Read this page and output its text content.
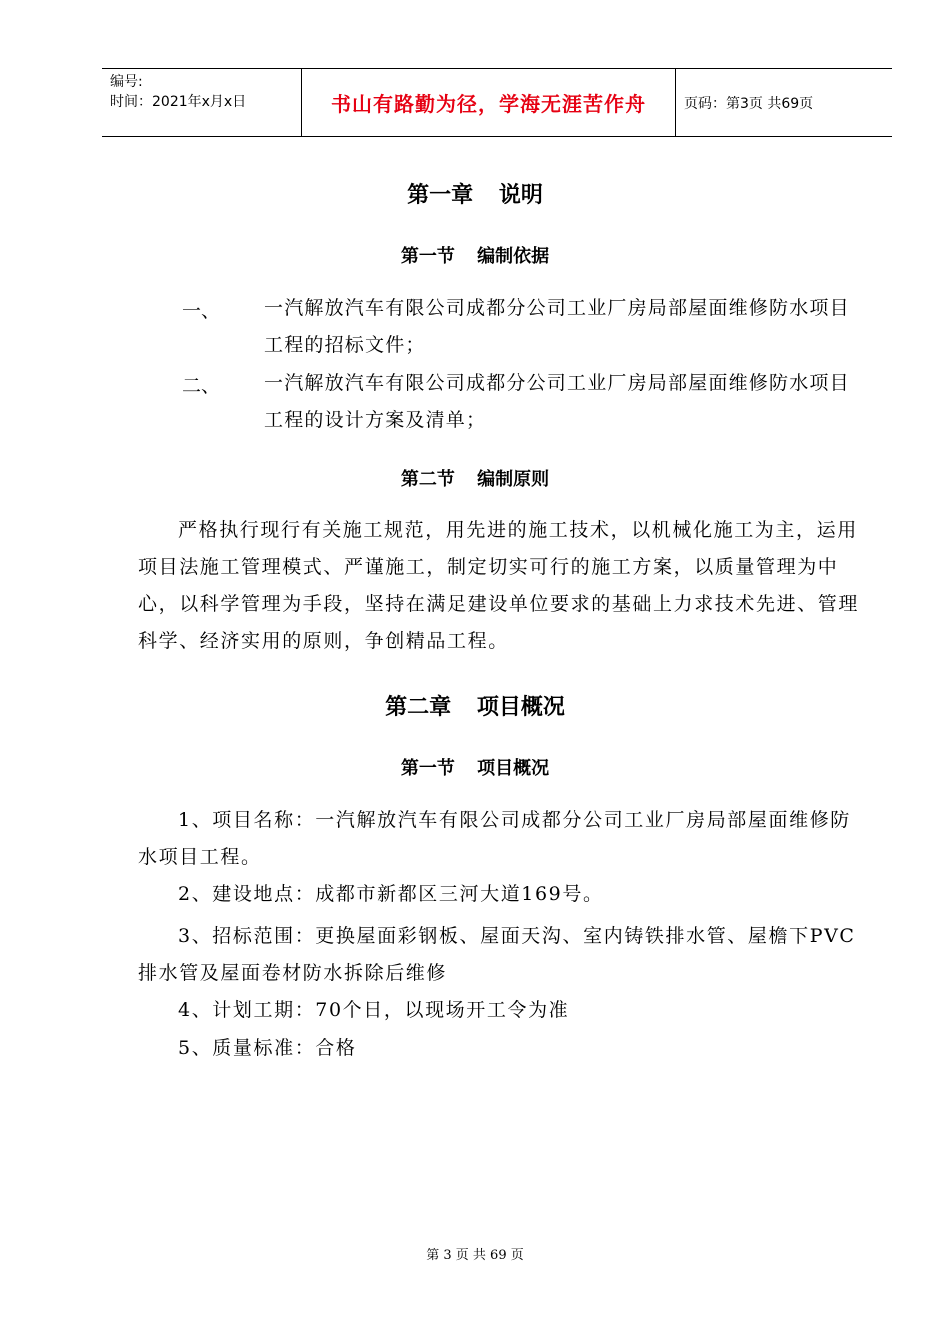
编号:
时间：2021年x月x日	书山有路勤为径，学海无涯苦作舟	页码：第3页 共69页
第一章 说明
第一节 编制依据
一、 一汽解放汽车有限公司成都分公司工业厂房局部屋面维修防水项目工程的招标文件；
二、 一汽解放汽车有限公司成都分公司工业厂房局部屋面维修防水项目工程的设计方案及清单；
第二节 编制原则
严格执行现行有关施工规范，用先进的施工技术，以机械化施工为主，运用项目法施工管理模式、严谨施工，制定切实可行的施工方案，以质量管理为中心，以科学管理为手段，坚持在满足建设单位要求的基础上力求技术先进、管理科学、经济实用的原则，争创精品工程。
第二章 项目概况
第一节 项目概况
1、项目名称：一汽解放汽车有限公司成都分公司工业厂房局部屋面维修防水项目工程。
2、建设地点：成都市新都区三河大道169号。
3、招标范围：更换屋面彩钢板、屋面天沟、室内铸铁排水管、屋檐下PVC排水管及屋面卷材防水拆除后维修
4、计划工期：70个日，以现场开工令为准
5、质量标准：合格
第 3 页 共 69 页
